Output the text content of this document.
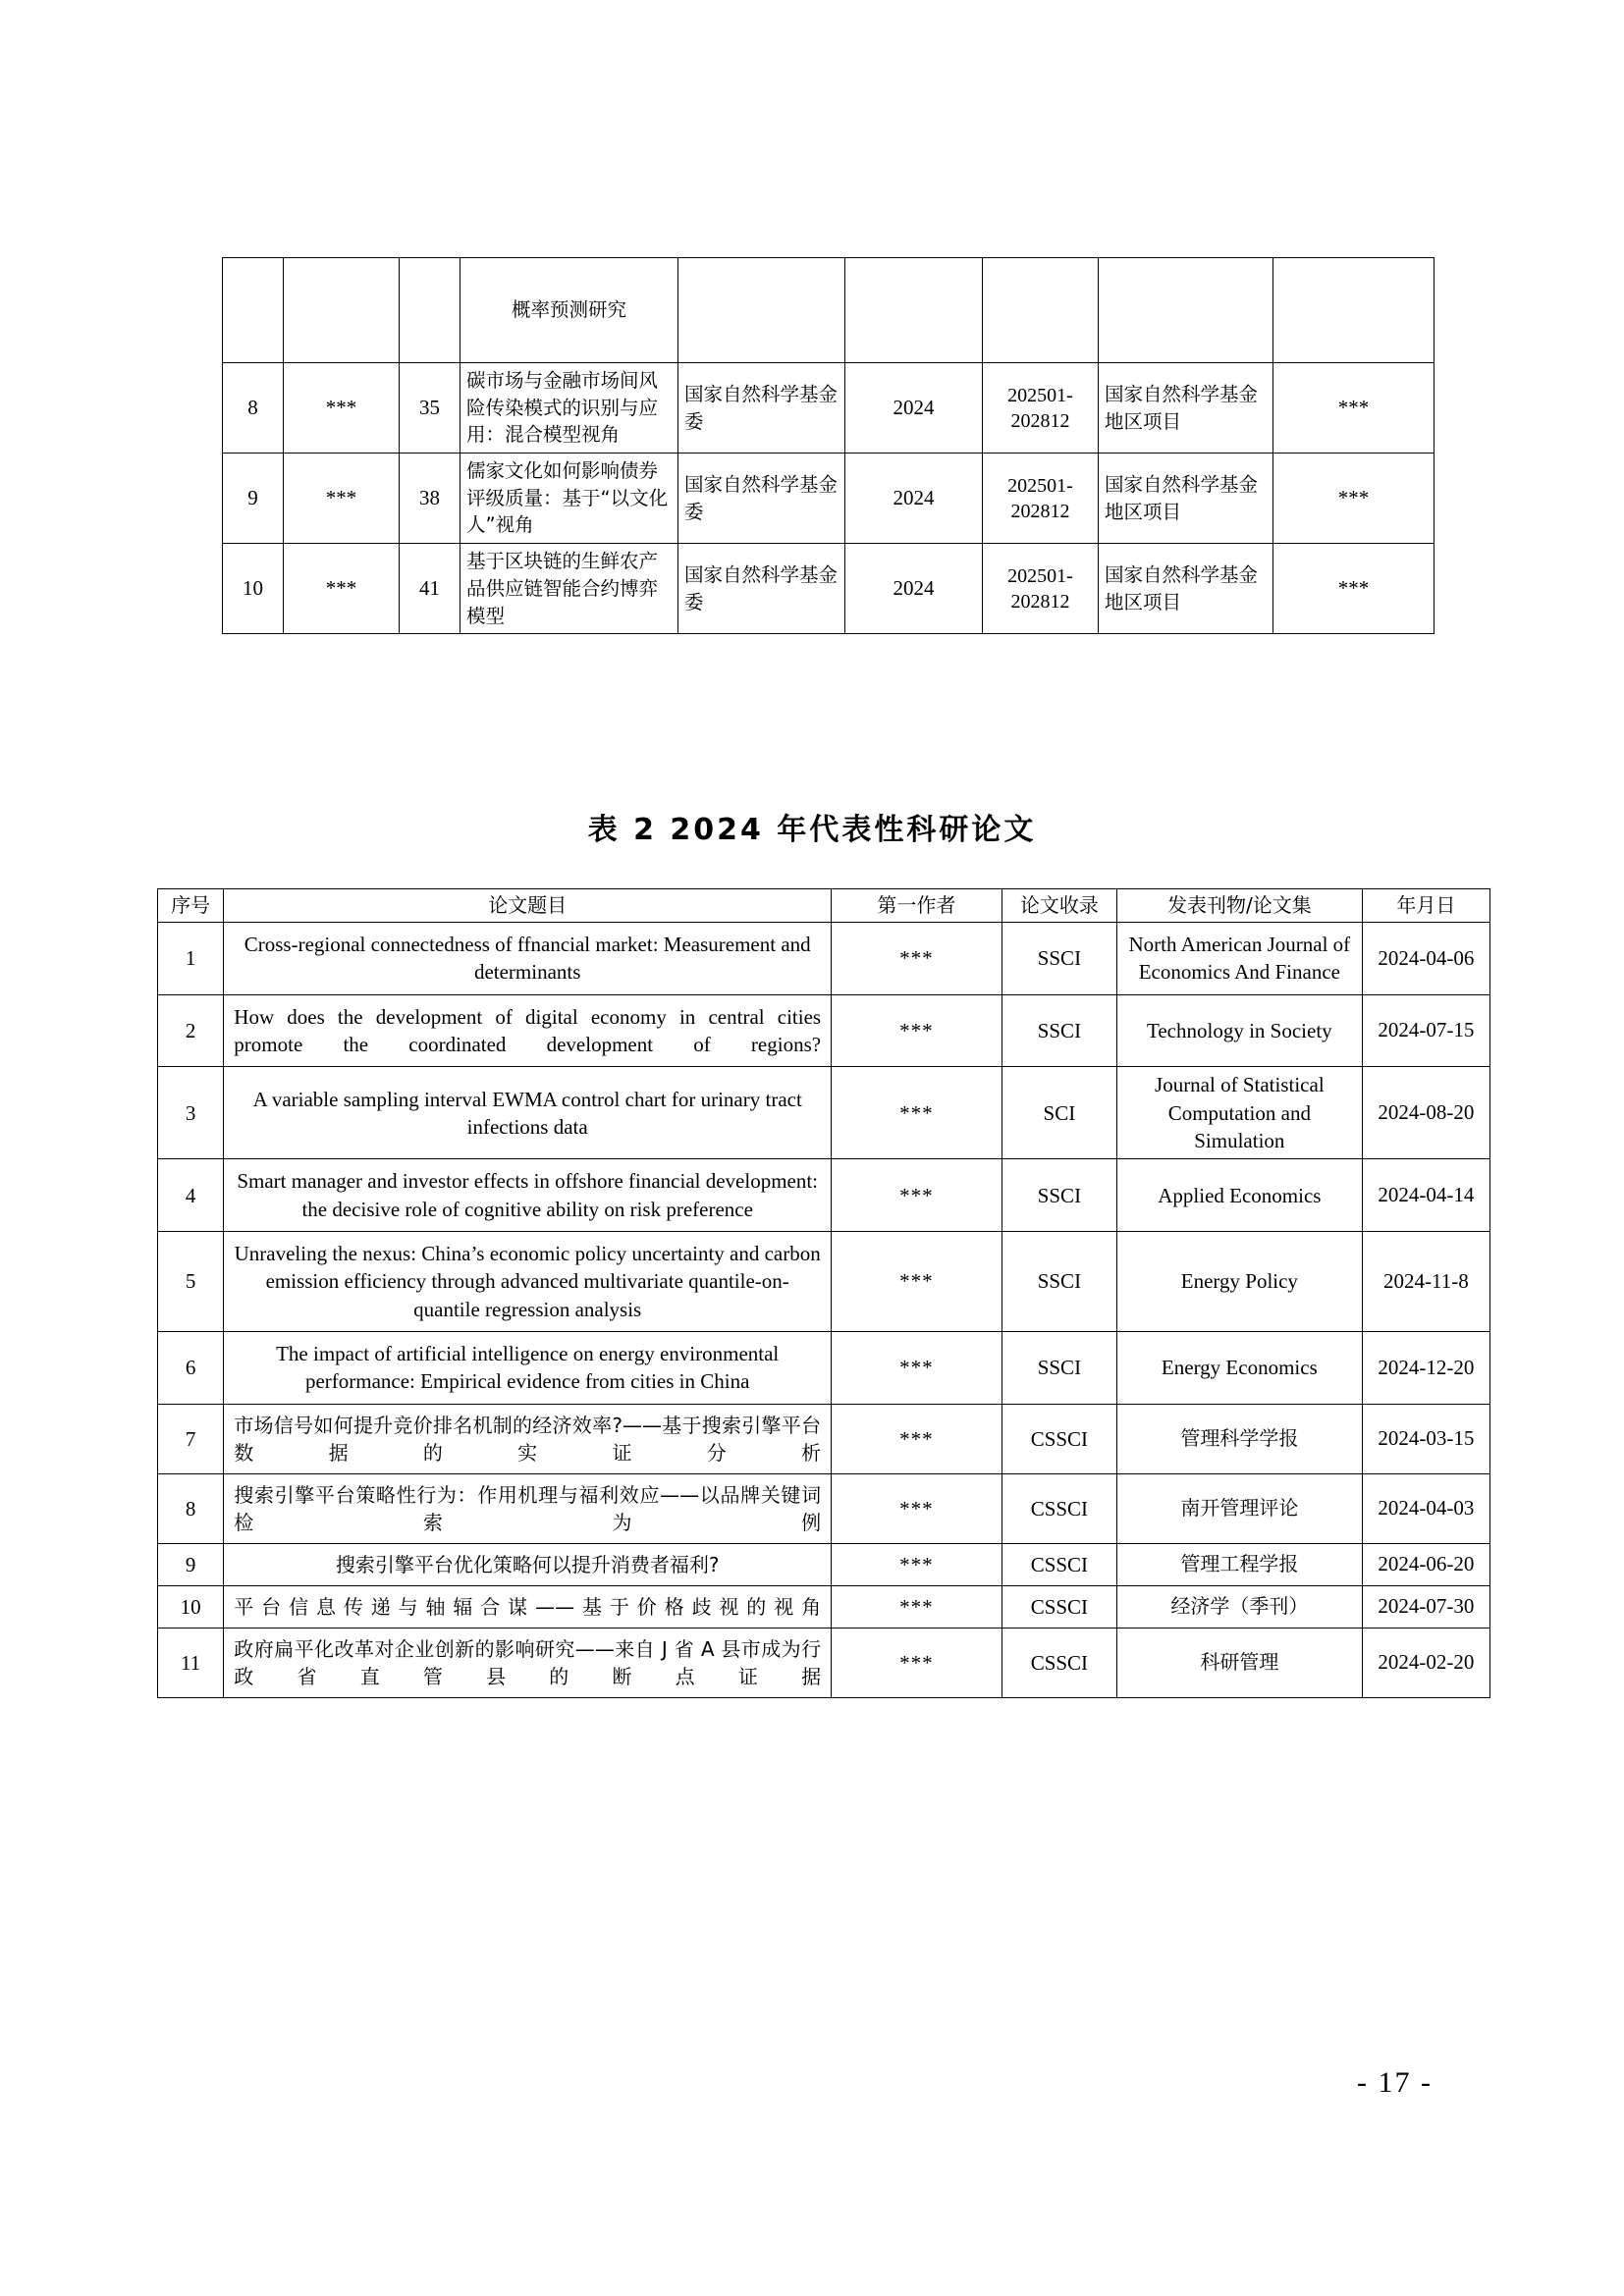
			概率预测研究					
8	***	35	碳市场与金融市场间风险传染模式的识别与应用：混合模型视角	国家自然科学基金委	2024	202501-202812	国家自然科学基金地区项目	***
9	***	38	儒家文化如何影响债券评级质量：基于“以文化人”视角	国家自然科学基金委	2024	202501-202812	国家自然科学基金地区项目	***
10	***	41	基于区块链的生鲜农产品供应链智能合约博弈模型	国家自然科学基金委	2024	202501-202812	国家自然科学基金地区项目	***
表 2 2024 年代表性科研论文
序号	论文题目	第一作者	论文收录	发表刊物/论文集	年月日
1	Cross-regional connectedness of ffnancial market: Measurement and determinants	***	SSCI	North American Journal of Economics And Finance	2024-04-06
2	How does the development of digital economy in central cities promote the coordinated development of regions?	***	SSCI	Technology in Society	2024-07-15
3	A variable sampling interval EWMA control chart for urinary tract infections data	***	SCI	Journal of Statistical Computation and Simulation	2024-08-20
4	Smart manager and investor effects in offshore financial development: the decisive role of cognitive ability on risk preference	***	SSCI	Applied Economics	2024-04-14
5	Unraveling the nexus: China’s economic policy uncertainty and carbon emission efficiency through advanced multivariate quantile-on-quantile regression analysis	***	SSCI	Energy Policy	2024-11-8
6	The impact of artificial intelligence on energy environmental performance: Empirical evidence from cities in China	***	SSCI	Energy Economics	2024-12-20
7	市场信号如何提升竞价排名机制的经济效率?——基于搜索引擎平台数据的实证分析	***	CSSCI	管理科学学报	2024-03-15
8	搜索引擎平台策略性行为：作用机理与福利效应——以品牌关键词检索为例	***	CSSCI	南开管理评论	2024-04-03
9	搜索引擎平台优化策略何以提升消费者福利?	***	CSSCI	管理工程学报	2024-06-20
10	平台信息传递与轴辐合谋——基于价格歧视的视角	***	CSSCI	经济学（季刊）	2024-07-30
11	政府扁平化改革对企业创新的影响研究——来自 J 省 A 县市成为行政省直管县的断点证据	***	CSSCI	科研管理	2024-02-20
- 17 -
